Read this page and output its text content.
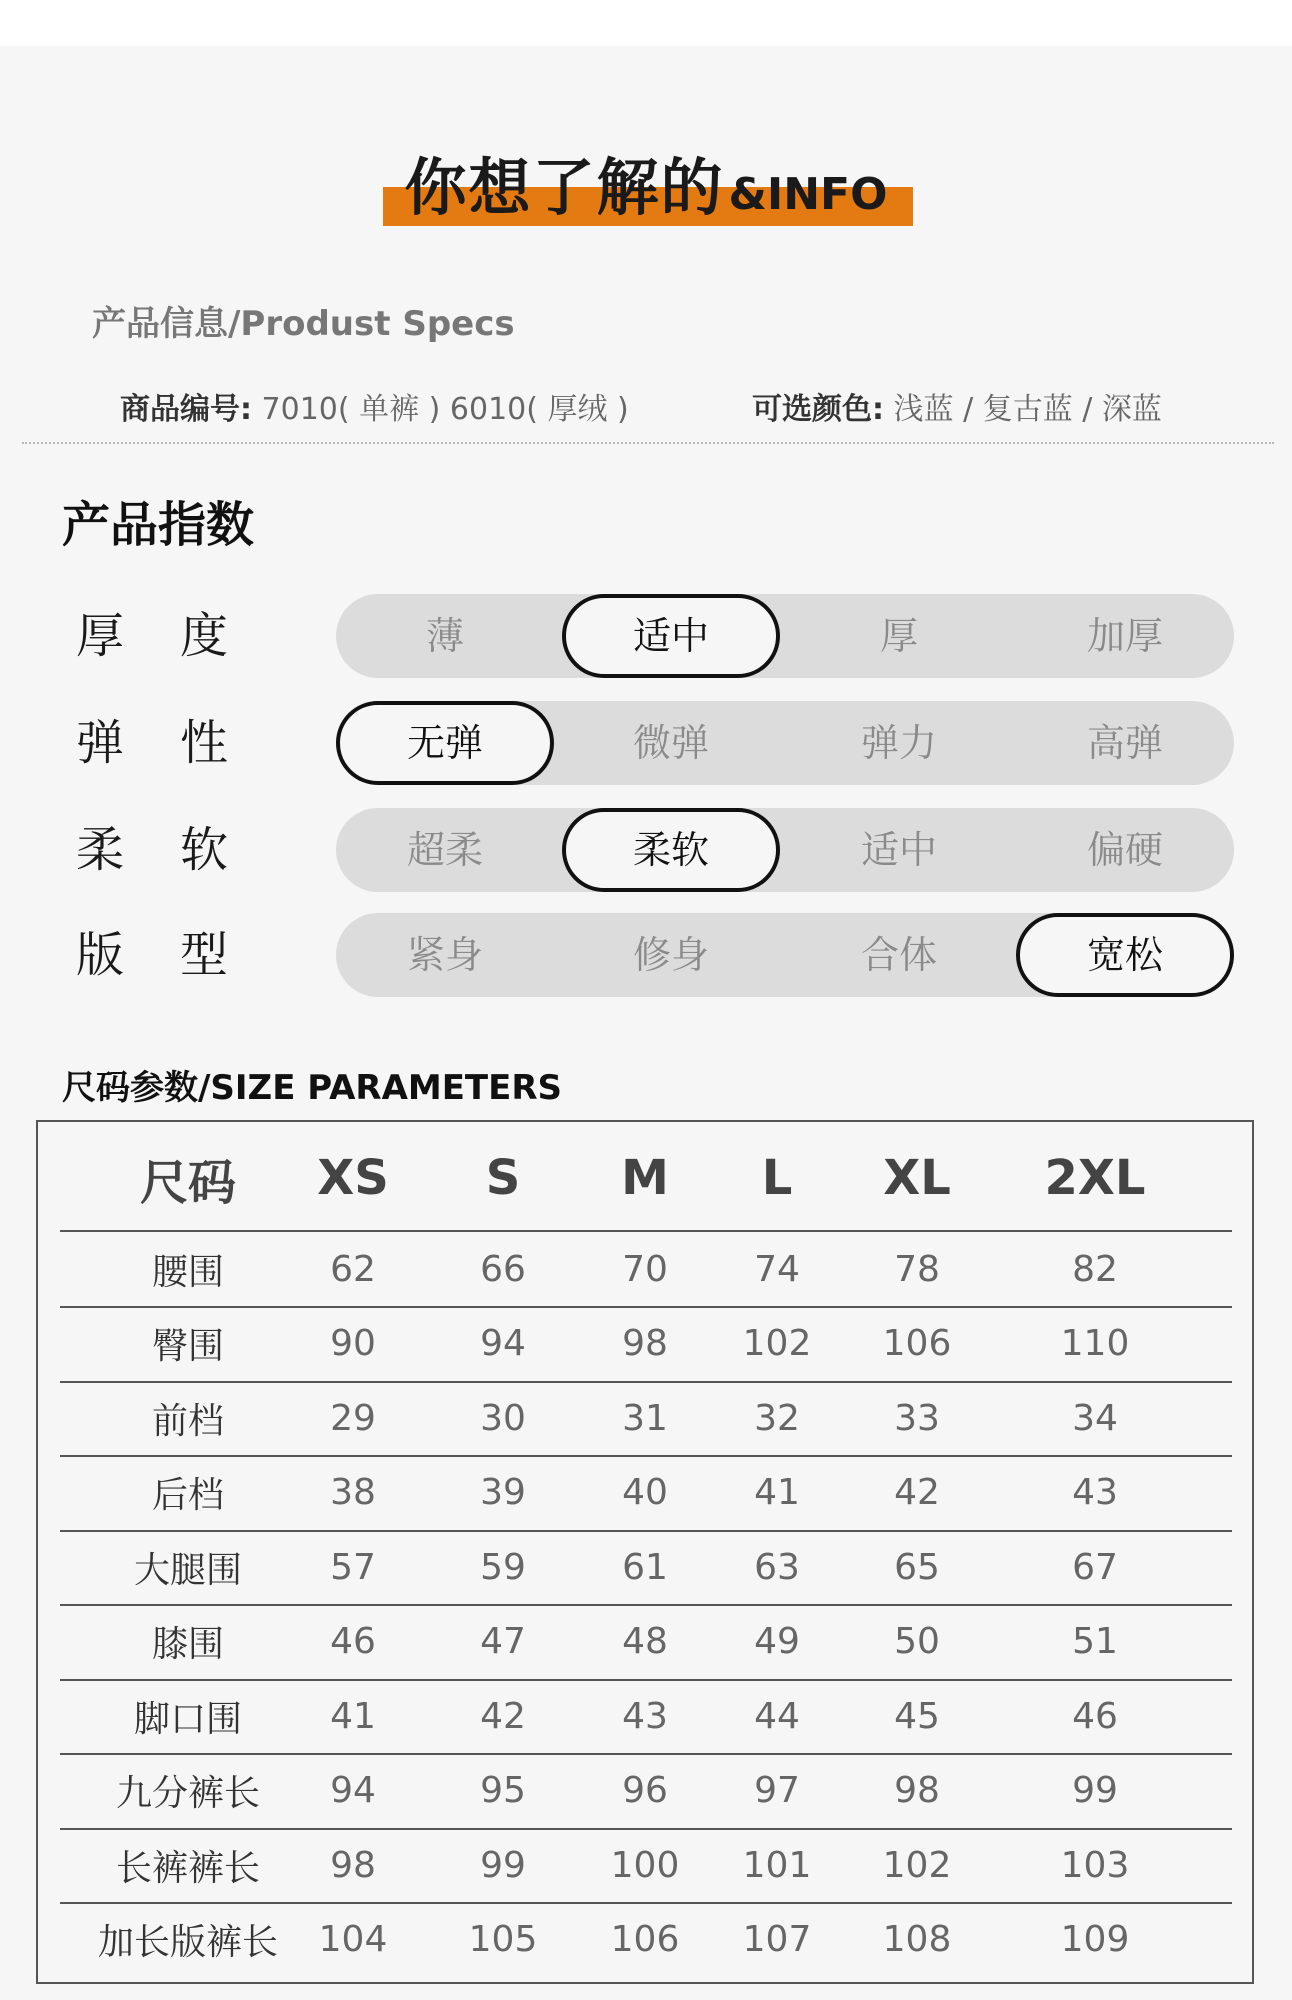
你想了解的&INFO
产品信息/Produst Specs
商品编号: 7010( 单裤 ) 6010( 厚绒 )	可选颜色: 浅蓝 / 复古蓝 / 深蓝
产品指数
厚度	薄	适中	厚	加厚
弹性	无弹	微弹	弹力	高弹
柔软	超柔	柔软	适中	偏硬
版型	紧身	修身	合体	宽松
尺码参数/SIZE PARAMETERS
尺码	XS	S	M	L	XL	2XL
腰围	62	66	70	74	78	82
臀围	90	94	98	102	106	110
前档	29	30	31	32	33	34
后档	38	39	40	41	42	43
大腿围	57	59	61	63	65	67
膝围	46	47	48	49	50	51
脚口围	41	42	43	44	45	46
九分裤长	94	95	96	97	98	99
长裤裤长	98	99	100	101	102	103
加长版裤长	104	105	106	107	108	109
